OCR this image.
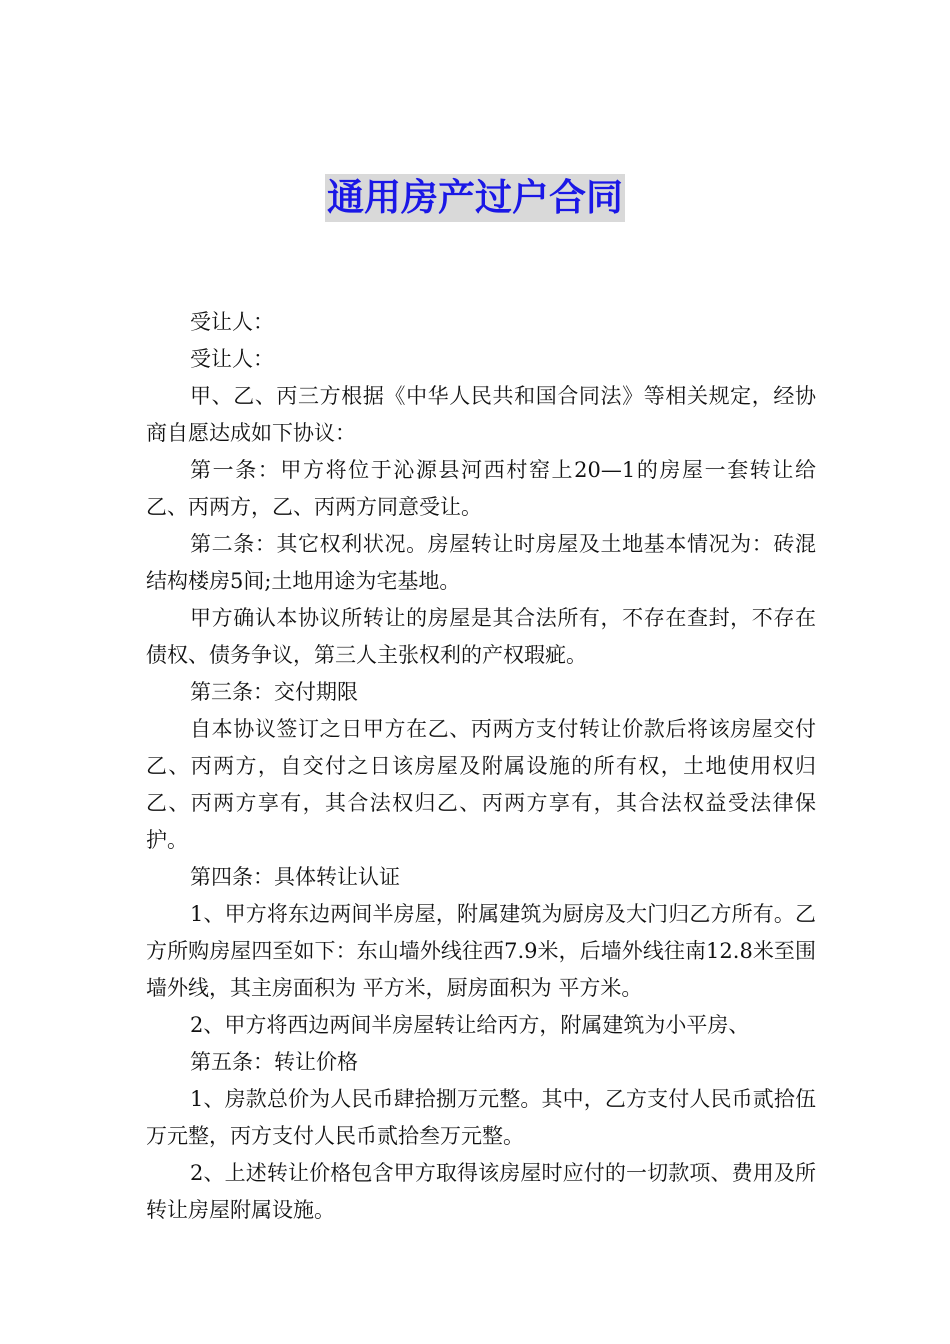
通用房产过户合同

受让人：

受让人：

甲、乙、丙三方根据《中华人民共和国合同法》等相关规定，经协商自愿达成如下协议：

第一条：甲方将位于沁源县河西村窑上20—1的房屋一套转让给乙、丙两方，乙、丙两方同意受让。

第二条：其它权利状况。房屋转让时房屋及土地基本情况为：砖混结构楼房5间;土地用途为宅基地。

甲方确认本协议所转让的房屋是其合法所有，不存在查封，不存在债权、债务争议，第三人主张权利的产权瑕疵。

第三条：交付期限

自本协议签订之日甲方在乙、丙两方支付转让价款后将该房屋交付乙、丙两方，自交付之日该房屋及附属设施的所有权，土地使用权归乙、丙两方享有，其合法权归乙、丙两方享有，其合法权益受法律保护。

第四条：具体转让认证

1、甲方将东边两间半房屋，附属建筑为厨房及大门归乙方所有。乙方所购房屋四至如下：东山墙外线往西7.9米，后墙外线往南12.8米至围墙外线，其主房面积为 平方米，厨房面积为 平方米。

2、甲方将西边两间半房屋转让给丙方，附属建筑为小平房、

第五条：转让价格

1、房款总价为人民币肆拾捌万元整。其中，乙方支付人民币贰拾伍万元整，丙方支付人民币贰拾叁万元整。

2、上述转让价格包含甲方取得该房屋时应付的一切款项、费用及所转让房屋附属设施。
